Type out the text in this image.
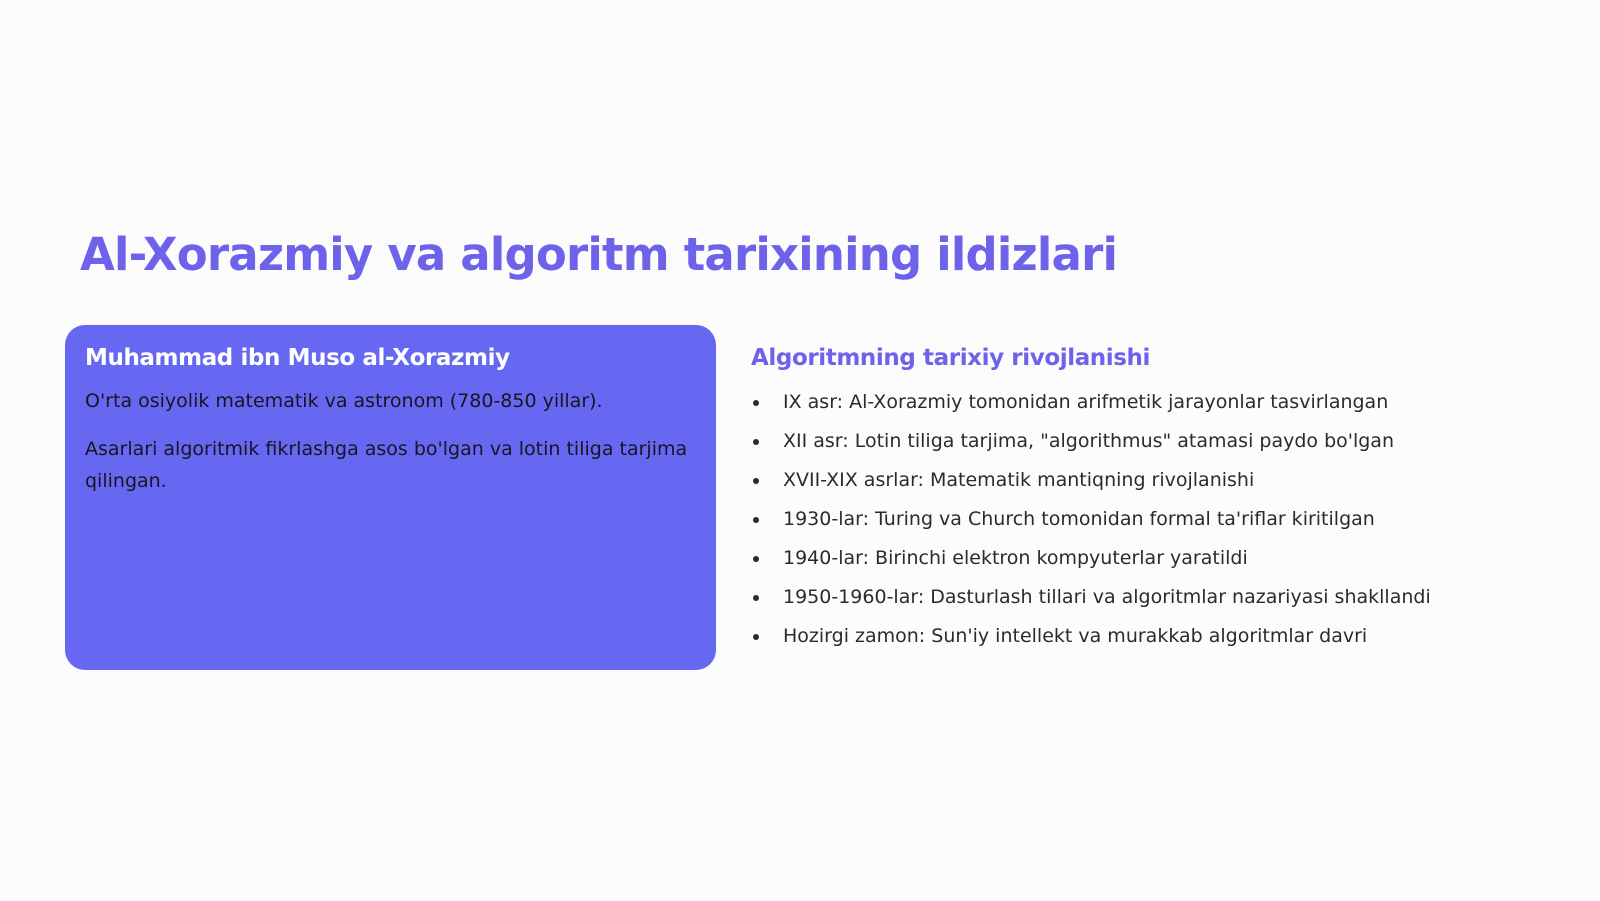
Al-Xorazmiy va algoritm tarixining ildizlari
Muhammad ibn Muso al-Xorazmiy

O'rta osiyolik matematik va astronom (780-850 yillar).

Asarlari algoritmik fikrlashga asos bo'lgan va lotin tiliga tarjima qilingan.

Algoritmning tarixiy rivojlanishi
IX asr: Al-Xorazmiy tomonidan arifmetik jarayonlar tasvirlangan
XII asr: Lotin tiliga tarjima, "algorithmus" atamasi paydo bo'lgan
XVII-XIX asrlar: Matematik mantiqning rivojlanishi
1930-lar: Turing va Church tomonidan formal ta'riflar kiritilgan
1940-lar: Birinchi elektron kompyuterlar yaratildi
1950-1960-lar: Dasturlash tillari va algoritmlar nazariyasi shakllandi
Hozirgi zamon: Sun'iy intellekt va murakkab algoritmlar davri
